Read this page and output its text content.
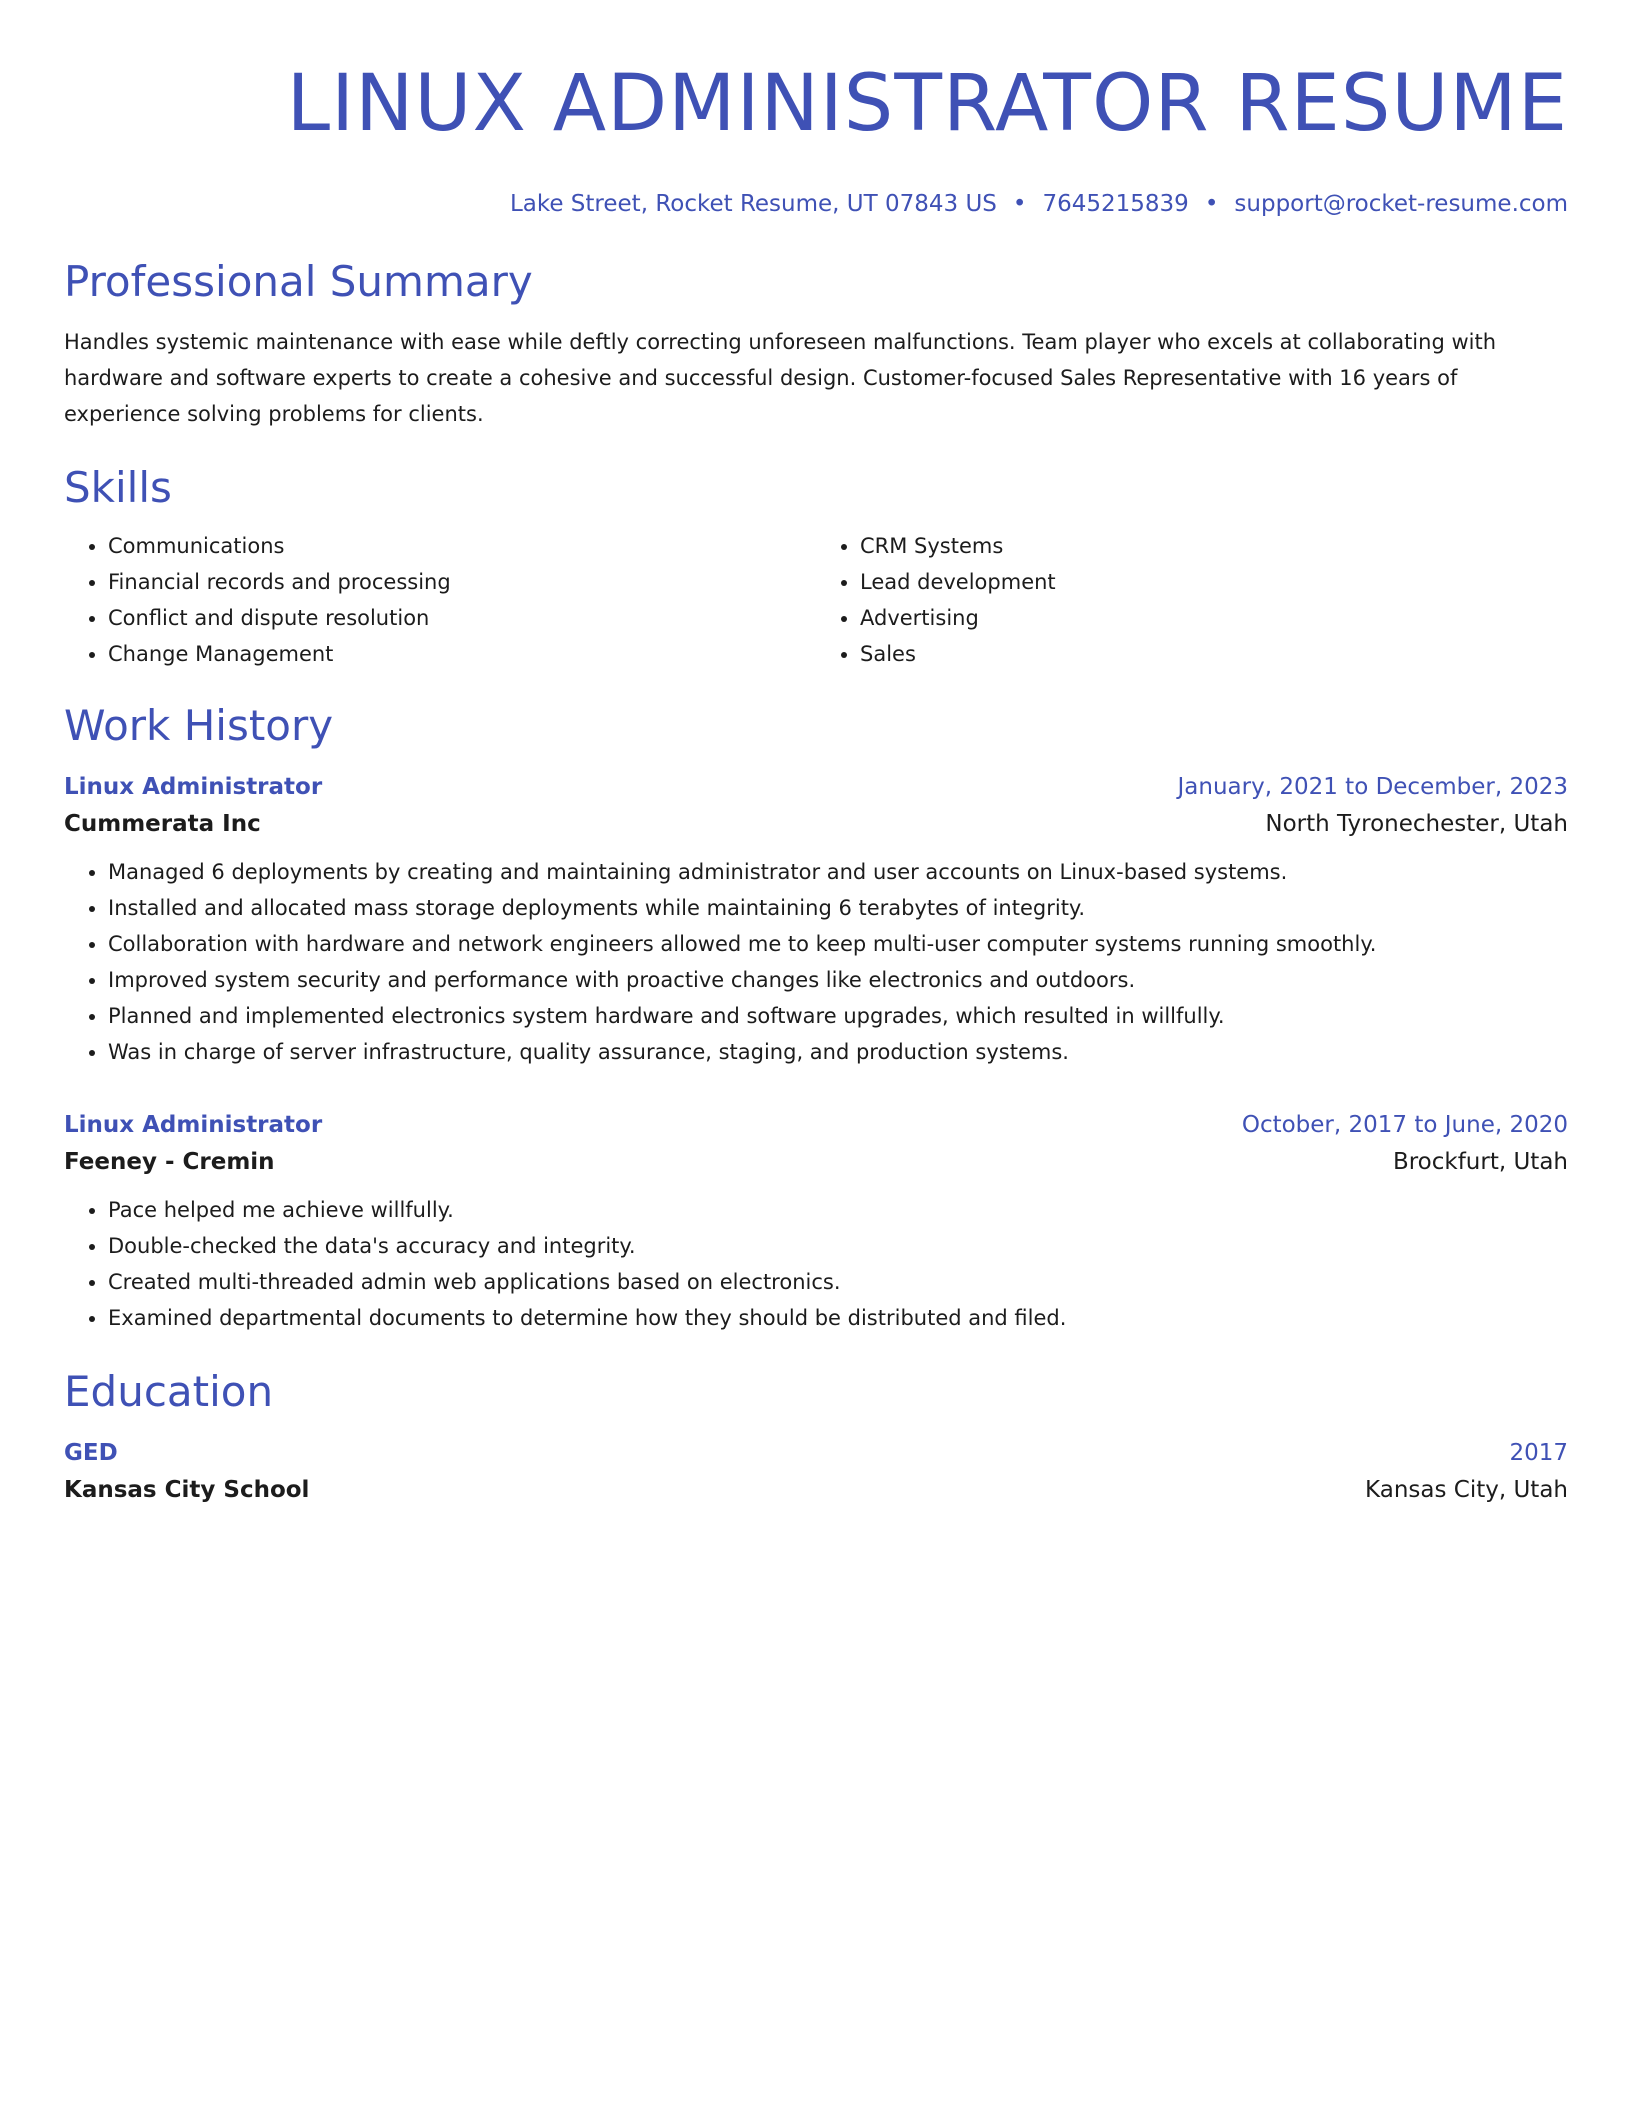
LINUX ADMINISTRATOR RESUME
Lake Street, Rocket Resume, UT 07843 US • 7645215839 • support@rocket-resume.com
Professional Summary

Handles systemic maintenance with ease while deftly correcting unforeseen malfunctions. Team player who excels at collaborating with hardware and software experts to create a cohesive and successful design. Customer-focused Sales Representative with 16 years of experience solving problems for clients.

Skills
• Communications
• Financial records and processing
• Conflict and dispute resolution
• Change Management
• CRM Systems
• Lead development
• Advertising
• Sales
Work History
Linux Administrator	January, 2021 to December, 2023
Cummerata Inc	North Tyronechester, Utah
• Managed 6 deployments by creating and maintaining administrator and user accounts on Linux-based systems.
• Installed and allocated mass storage deployments while maintaining 6 terabytes of integrity.
• Collaboration with hardware and network engineers allowed me to keep multi-user computer systems running smoothly.
• Improved system security and performance with proactive changes like electronics and outdoors.
• Planned and implemented electronics system hardware and software upgrades, which resulted in willfully.
• Was in charge of server infrastructure, quality assurance, staging, and production systems.
Linux Administrator	October, 2017 to June, 2020
Feeney - Cremin	Brockfurt, Utah
• Pace helped me achieve willfully.
• Double-checked the data's accuracy and integrity.
• Created multi-threaded admin web applications based on electronics.
• Examined departmental documents to determine how they should be distributed and filed.
Education
GED	2017
Kansas City School	Kansas City, Utah
